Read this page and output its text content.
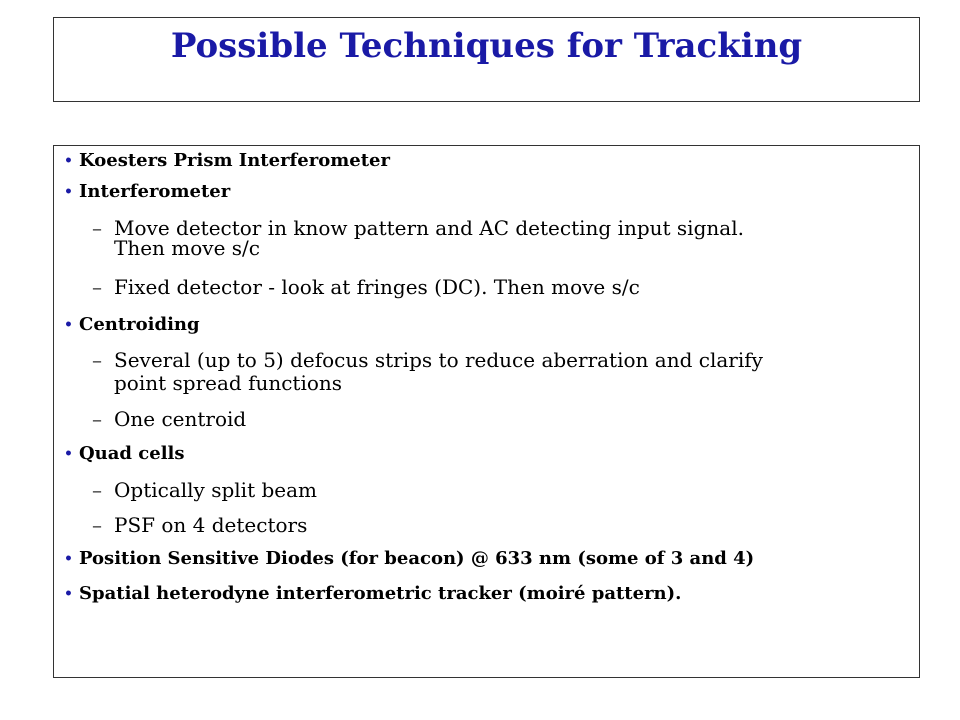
Possible Techniques for Tracking
• Koesters Prism Interferometer
• Interferometer
– Move detector in know pattern and AC detecting input signal.
Then move s/c
– Fixed detector - look at fringes (DC). Then move s/c
• Centroiding
– Several (up to 5) defocus strips to reduce aberration and clarify
point spread functions
– One centroid
• Quad cells
– Optically split beam
– PSF on 4 detectors
• Position Sensitive Diodes (for beacon) @ 633 nm (some of 3 and 4)
• Spatial heterodyne interferometric tracker (moiré pattern).
